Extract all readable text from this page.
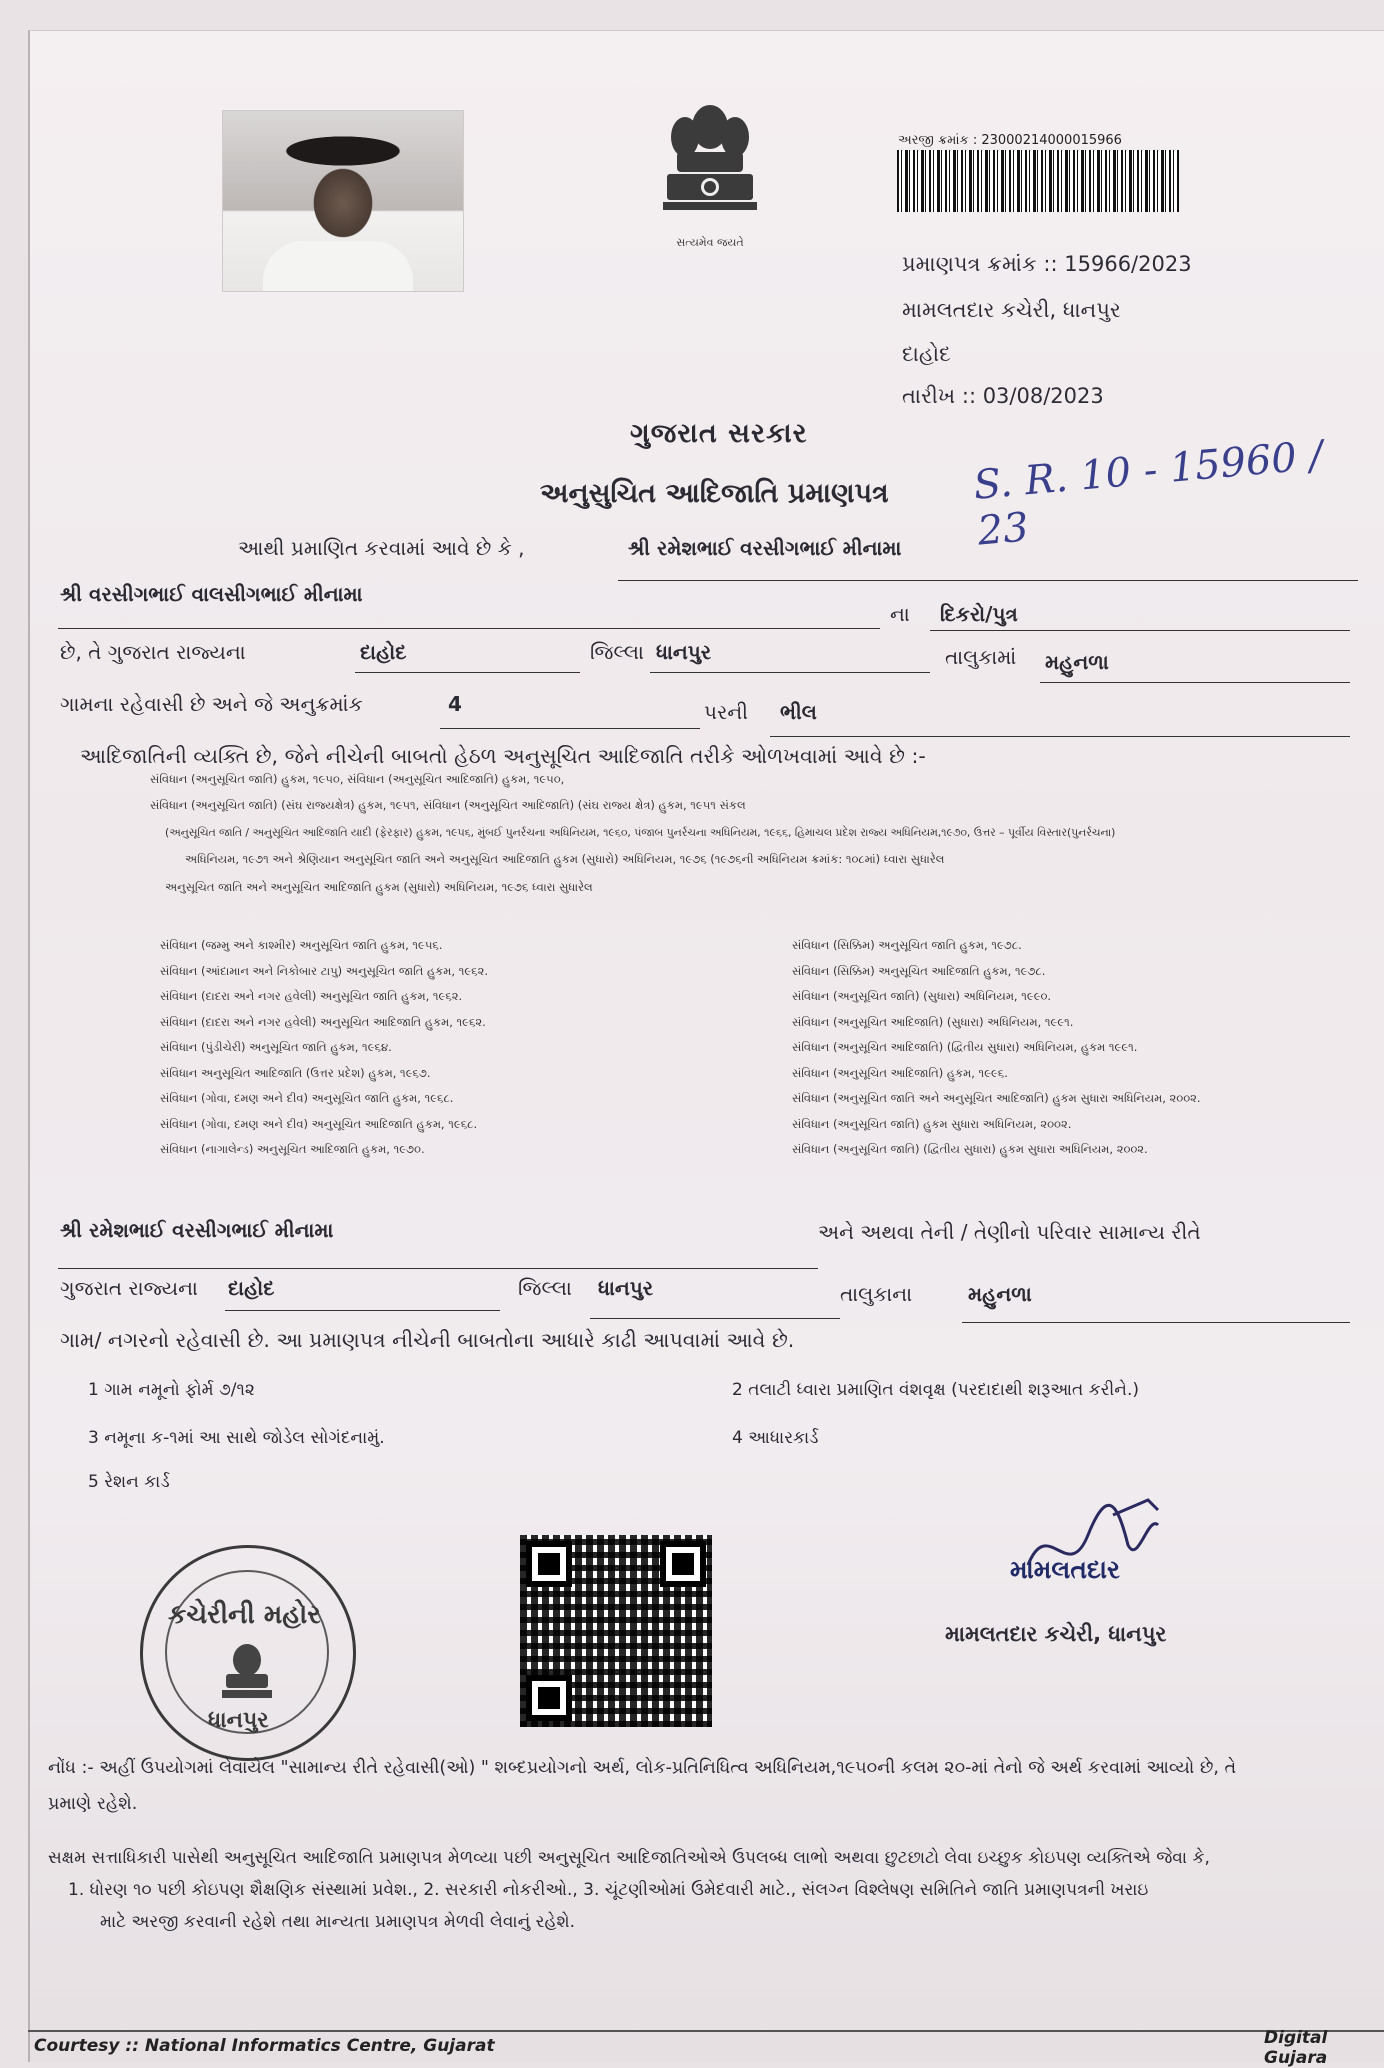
સત્યમેવ જયતે
અરજી ક્રમાંક : 23000214000015966
પ્રમાણપત્ર ક્રમાંક :: 15966/2023
મામલતદાર કચેરી, ધાનપુર
દાહોદ
તારીખ :: 03/08/2023
ગુજરાત સરકાર
અનુસુચિત આદિજાતિ પ્રમાણપત્ર S. R. 10 - 15960 / 23
આથી પ્રમાણિત કરવામાં આવે છે કે ,	શ્રી રમેશભાઈ વરસીગભાઈ મીનામા
શ્રી વરસીગભાઈ વાલસીગભાઈ મીનામા
ના દિકરો/પુત્ર
છે, તે ગુજરાત રાજ્યના	દાહોદ	જિલ્લા ધાનપુર	તાલુકામાં મહુનળા
ગામના રહેવાસી છે અને જે અનુક્રમાંક	4	પરની ભીલ
આદિજાતિની વ્યક્તિ છે, જેને નીચેની બાબતો હેઠળ અનુસૂચિત આદિજાતિ તરીકે ઓળખવામાં આવે છે :-
સંવિધાન (અનુસૂચિત જાતિ) હુકમ, ૧૯૫૦, સંવિધાન (અનુસૂચિત આદિજાતિ) હુકમ, ૧૯૫૦,
સંવિધાન (અનુસૂચિત જાતિ) (સંઘ રાજ્યક્ષેત્ર) હુકમ, ૧૯૫૧, સંવિધાન (અનુસૂચિત આદિજાતિ) (સંઘ રાજ્ય ક્ષેત્ર) હુકમ, ૧૯૫૧ સંકલ
(અનુસૂચિત જાતિ / અનુસૂચિત આદિજાતિ યાદી (ફેરફાર) હુકમ, ૧૯૫૬, મુંબઈ પુનર્રચના અધિનિયમ, ૧૯૬૦, પંજાબ પુનર્રચના અધિનિયમ, ૧૯૬૬, હિમાચલ પ્રદેશ રાજ્ય અધિનિયમ,૧૯૭૦, ઉત્તર – પૂર્વીય વિસ્તાર(પુનર્રચના)
અધિનિયમ, ૧૯૭૧ અને શ્રેણિયાન અનુસૂચિત જાતિ અને અનુસૂચિત આદિજાતિ હુકમ (સુધારો) અધિનિયમ, ૧૯૭૬ (૧૯૭૬ની અધિનિયમ ક્રમાંક: ૧૦૮માં) ધ્વારા સુધારેલ
અનુસૂચિત જાતિ અને અનુસૂચિત આદિજાતિ હુકમ (સુધારો) અધિનિયમ, ૧૯૭૬ ધ્વારા સુધારેલ
સંવિધાન (જમ્મુ અને કાશ્મીર) અનુસૂચિત જાતિ હુકમ, ૧૯૫૬.
સંવિધાન (આંદામાન અને નિકોબાર ટાપુ) અનુસૂચિત જાતિ હુકમ, ૧૯૬૨.
સંવિધાન (દાદરા અને નગર હવેલી) અનુસૂચિત જાતિ હુકમ, ૧૯૬૨.
સંવિધાન (દાદરા અને નગર હવેલી) અનુસૂચિત આદિજાતિ હુકમ, ૧૯૬૨.
સંવિધાન (પુંડીચેરી) અનુસૂચિત જાતિ હુકમ, ૧૯૬૪.
સંવિધાન અનુસૂચિત આદિજાતિ (ઉત્તર પ્રદેશ) હુકમ, ૧૯૬૭.
સંવિધાન (ગોવા, દમણ અને દીવ) અનુસૂચિત જાતિ હુકમ, ૧૯૬૮.
સંવિધાન (ગોવા, દમણ અને દીવ) અનુસૂચિત આદિજાતિ હુકમ, ૧૯૬૮.
સંવિધાન (નાગાલેન્ડ) અનુસૂચિત આદિજાતિ હુકમ, ૧૯૭૦.
સંવિધાન (સિક્કિમ) અનુસૂચિત જાતિ હુકમ, ૧૯૭૮.
સંવિધાન (સિક્કિમ) અનુસૂચિત આદિજાતિ હુકમ, ૧૯૭૮.
સંવિધાન (અનુસૂચિત જાતિ) (સુધારા) અધિનિયમ, ૧૯૯૦.
સંવિધાન (અનુસૂચિત આદિજાતિ) (સુધારા) અધિનિયમ, ૧૯૯૧.
સંવિધાન (અનુસૂચિત આદિજાતિ) (દ્વિતીય સુધારા) અધિનિયમ, હુકમ ૧૯૯૧.
સંવિધાન (અનુસૂચિત આદિજાતિ) હુકમ, ૧૯૯૬.
સંવિધાન (અનુસૂચિત જાતિ અને અનુસૂચિત આદિજાતિ) હુકમ સુધારા અધિનિયમ, ૨૦૦૨.
સંવિધાન (અનુસૂચિત જાતિ) હુકમ સુધારા અધિનિયમ, ૨૦૦૨.
સંવિધાન (અનુસૂચિત જાતિ) (દ્વિતીય સુધારા) હુકમ સુધારા અધિનિયમ, ૨૦૦૨.
શ્રી રમેશભાઈ વરસીગભાઈ મીનામા	અને અથવા તેની / તેણીનો પરિવાર સામાન્ય રીતે
ગુજરાત રાજ્યના દાહોદ	જિલ્લા ધાનપુર	તાલુકાના	મહુનળા
ગામ/ નગરનો રહેવાસી છે. આ પ્રમાણપત્ર નીચેની બાબતોના આધારે કાઢી આપવામાં આવે છે.
1 ગામ નમૂનો ફોર્મ ૭/૧૨	2 તલાટી ધ્વારા પ્રમાણિત વંશવૃક્ષ (પરદાદાથી શરૂઆત કરીને.)
3 નમૂના ક-૧માં આ સાથે જોડેલ સોગંદનામું.	4 આધારકાર્ડ
5 રેશન કાર્ડ
કચેરીની મહોર
ધાનપુર
મામલતદાર
મામલતદાર કચેરી, ધાનપુર
નોંધ :- અહીં ઉપયોગમાં લેવાયેલ "સામાન્ય રીતે રહેવાસી(ઓ) " શબ્દપ્રયોગનો અર્થ, લોક-પ્રતિનિધિત્વ અધિનિયમ,૧૯૫૦ની કલમ ૨૦-માં તેનો જે અર્થ કરવામાં આવ્યો છે, તે
પ્રમાણે રહેશે.
સક્ષમ સત્તાધિકારી પાસેથી અનુસૂચિત આદિજાતિ પ્રમાણપત્ર મેળવ્યા પછી અનુસૂચિત આદિજાતિઓએ ઉપલબ્ધ લાભો અથવા છુટછાટો લેવા ઇચ્છુક કોઇપણ વ્યક્તિએ જેવા કે,
1. ધોરણ ૧૦ પછી કોઇપણ શૈક્ષણિક સંસ્થામાં પ્રવેશ., 2. સરકારી નોકરીઓ., 3. ચૂંટણીઓમાં ઉમેદવારી માટે., સંલગ્ન વિશ્લેષણ સમિતિને જાતિ પ્રમાણપત્રની ખરાઇ
માટે અરજી કરવાની રહેશે તથા માન્યતા પ્રમાણપત્ર મેળવી લેવાનું રહેશે.
Courtesy :: National Informatics Centre, Gujarat	Digital Gujara
